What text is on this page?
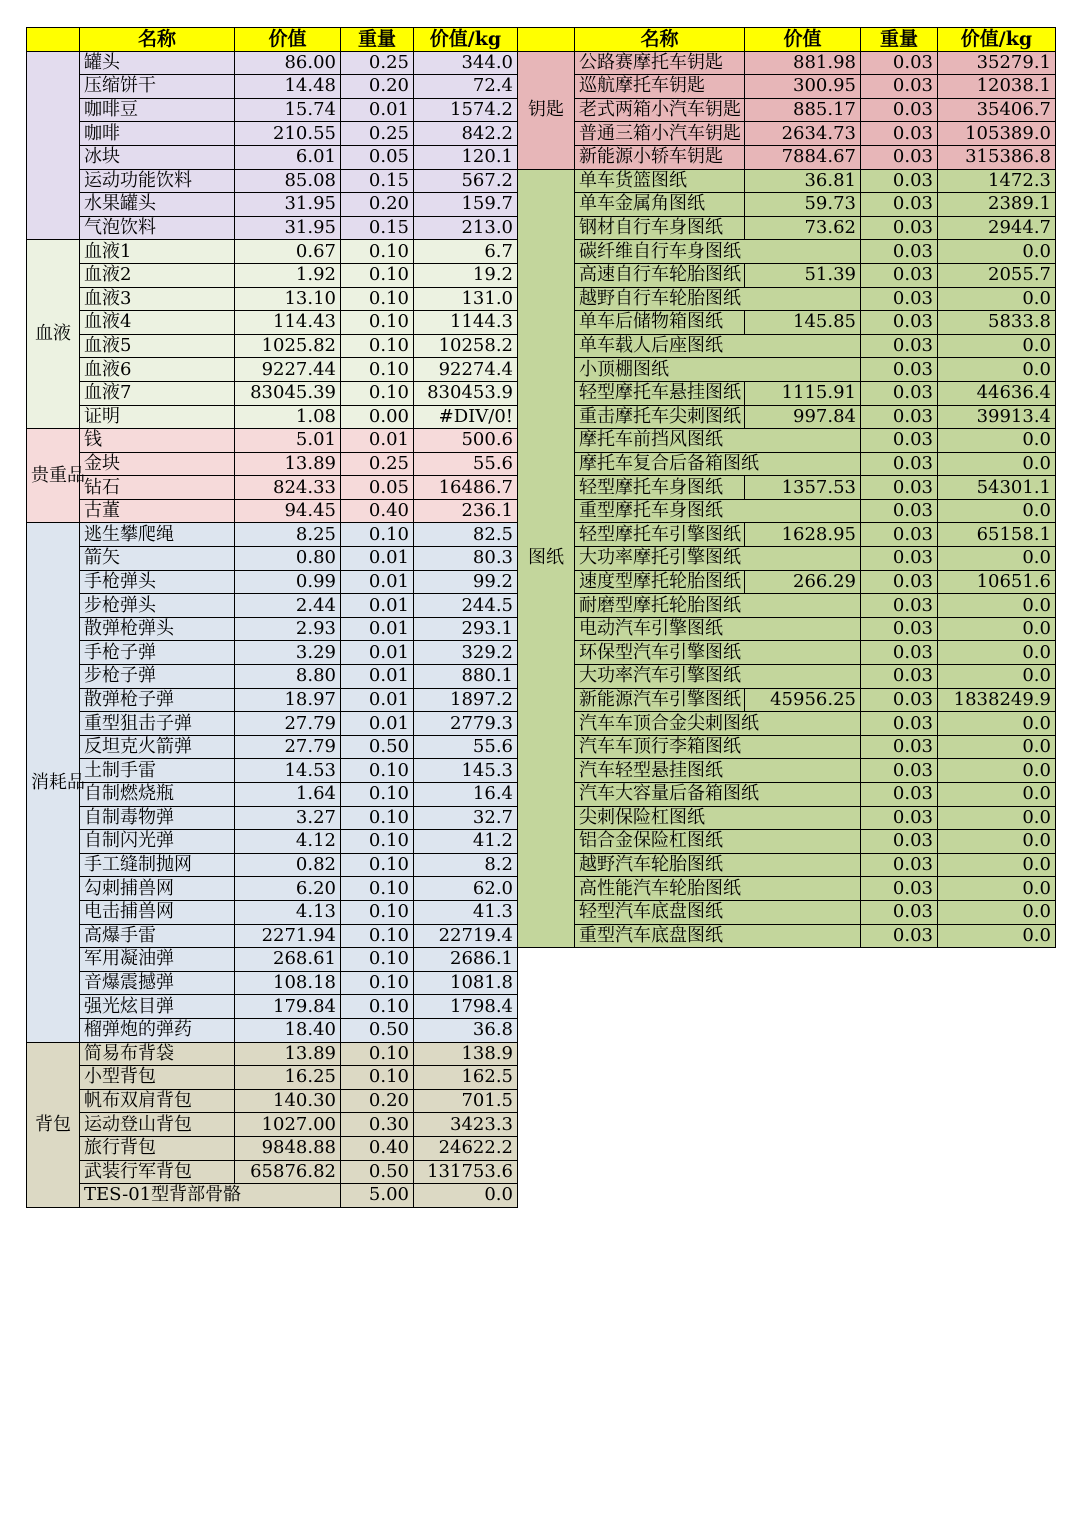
	名称	价值	重量	价值/kg
	罐头	86.00	0.25	344.0
	压缩饼干	14.48	0.20	72.4
	咖啡豆	15.74	0.01	1574.2
	咖啡	210.55	0.25	842.2
	冰块	6.01	0.05	120.1
	运动功能饮料	85.08	0.15	567.2
	水果罐头	31.95	0.20	159.7
	气泡饮料	31.95	0.15	213.0
血液	血液1	0.67	0.10	6.7
	血液2	1.92	0.10	19.2
	血液3	13.10	0.10	131.0
	血液4	114.43	0.10	1144.3
	血液5	1025.82	0.10	10258.2
	血液6	9227.44	0.10	92274.4
	血液7	83045.39	0.10	830453.9
	证明	1.08	0.00	#DIV/0!
贵重品	钱	5.01	0.01	500.6
	金块	13.89	0.25	55.6
	钻石	824.33	0.05	16486.7
	古董	94.45	0.40	236.1
消耗品	逃生攀爬绳	8.25	0.10	82.5
	箭矢	0.80	0.01	80.3
	手枪弹头	0.99	0.01	99.2
	步枪弹头	2.44	0.01	244.5
	散弹枪弹头	2.93	0.01	293.1
	手枪子弹	3.29	0.01	329.2
	步枪子弹	8.80	0.01	880.1
	散弹枪子弹	18.97	0.01	1897.2
	重型狙击子弹	27.79	0.01	2779.3
	反坦克火箭弹	27.79	0.50	55.6
	土制手雷	14.53	0.10	145.3
	自制燃烧瓶	1.64	0.10	16.4
	自制毒物弹	3.27	0.10	32.7
	自制闪光弹	4.12	0.10	41.2
	手工缝制抛网	0.82	0.10	8.2
	勾刺捕兽网	6.20	0.10	62.0
	电击捕兽网	4.13	0.10	41.3
	高爆手雷	2271.94	0.10	22719.4
	军用凝油弹	268.61	0.10	2686.1
	音爆震撼弹	108.18	0.10	1081.8
	强光炫目弹	179.84	0.10	1798.4
	榴弹炮的弹药	18.40	0.50	36.8
背包	简易布背袋	13.89	0.10	138.9
	小型背包	16.25	0.10	162.5
	帆布双肩背包	140.30	0.20	701.5
	运动登山背包	1027.00	0.30	3423.3
	旅行背包	9848.88	0.40	24622.2
	武装行军背包	65876.82	0.50	131753.6
	TES-01型背部骨骼		5.00	0.0
	名称	价值	重量	价值/kg
钥匙	公路赛摩托车钥匙	881.98	0.03	35279.1
	巡航摩托车钥匙	300.95	0.03	12038.1
	老式两箱小汽车钥匙	885.17	0.03	35406.7
	普通三箱小汽车钥匙	2634.73	0.03	105389.0
	新能源小轿车钥匙	7884.67	0.03	315386.8
图纸	单车货篮图纸	36.81	0.03	1472.3
	单车金属角图纸	59.73	0.03	2389.1
	钢材自行车身图纸	73.62	0.03	2944.7
	碳纤维自行车身图纸		0.03	0.0
	高速自行车轮胎图纸	51.39	0.03	2055.7
	越野自行车轮胎图纸		0.03	0.0
	单车后储物箱图纸	145.85	0.03	5833.8
	单车载人后座图纸		0.03	0.0
	小顶棚图纸		0.03	0.0
	轻型摩托车悬挂图纸	1115.91	0.03	44636.4
	重击摩托车尖刺图纸	997.84	0.03	39913.4
	摩托车前挡风图纸		0.03	0.0
	摩托车复合后备箱图纸		0.03	0.0
	轻型摩托车身图纸	1357.53	0.03	54301.1
	重型摩托车身图纸		0.03	0.0
	轻型摩托车引擎图纸	1628.95	0.03	65158.1
	大功率摩托引擎图纸		0.03	0.0
	速度型摩托轮胎图纸	266.29	0.03	10651.6
	耐磨型摩托轮胎图纸		0.03	0.0
	电动汽车引擎图纸		0.03	0.0
	环保型汽车引擎图纸		0.03	0.0
	大功率汽车引擎图纸		0.03	0.0
	新能源汽车引擎图纸	45956.25	0.03	1838249.9
	汽车车顶合金尖刺图纸		0.03	0.0
	汽车车顶行李箱图纸		0.03	0.0
	汽车轻型悬挂图纸		0.03	0.0
	汽车大容量后备箱图纸		0.03	0.0
	尖刺保险杠图纸		0.03	0.0
	铝合金保险杠图纸		0.03	0.0
	越野汽车轮胎图纸		0.03	0.0
	高性能汽车轮胎图纸		0.03	0.0
	轻型汽车底盘图纸		0.03	0.0
	重型汽车底盘图纸		0.03	0.0
